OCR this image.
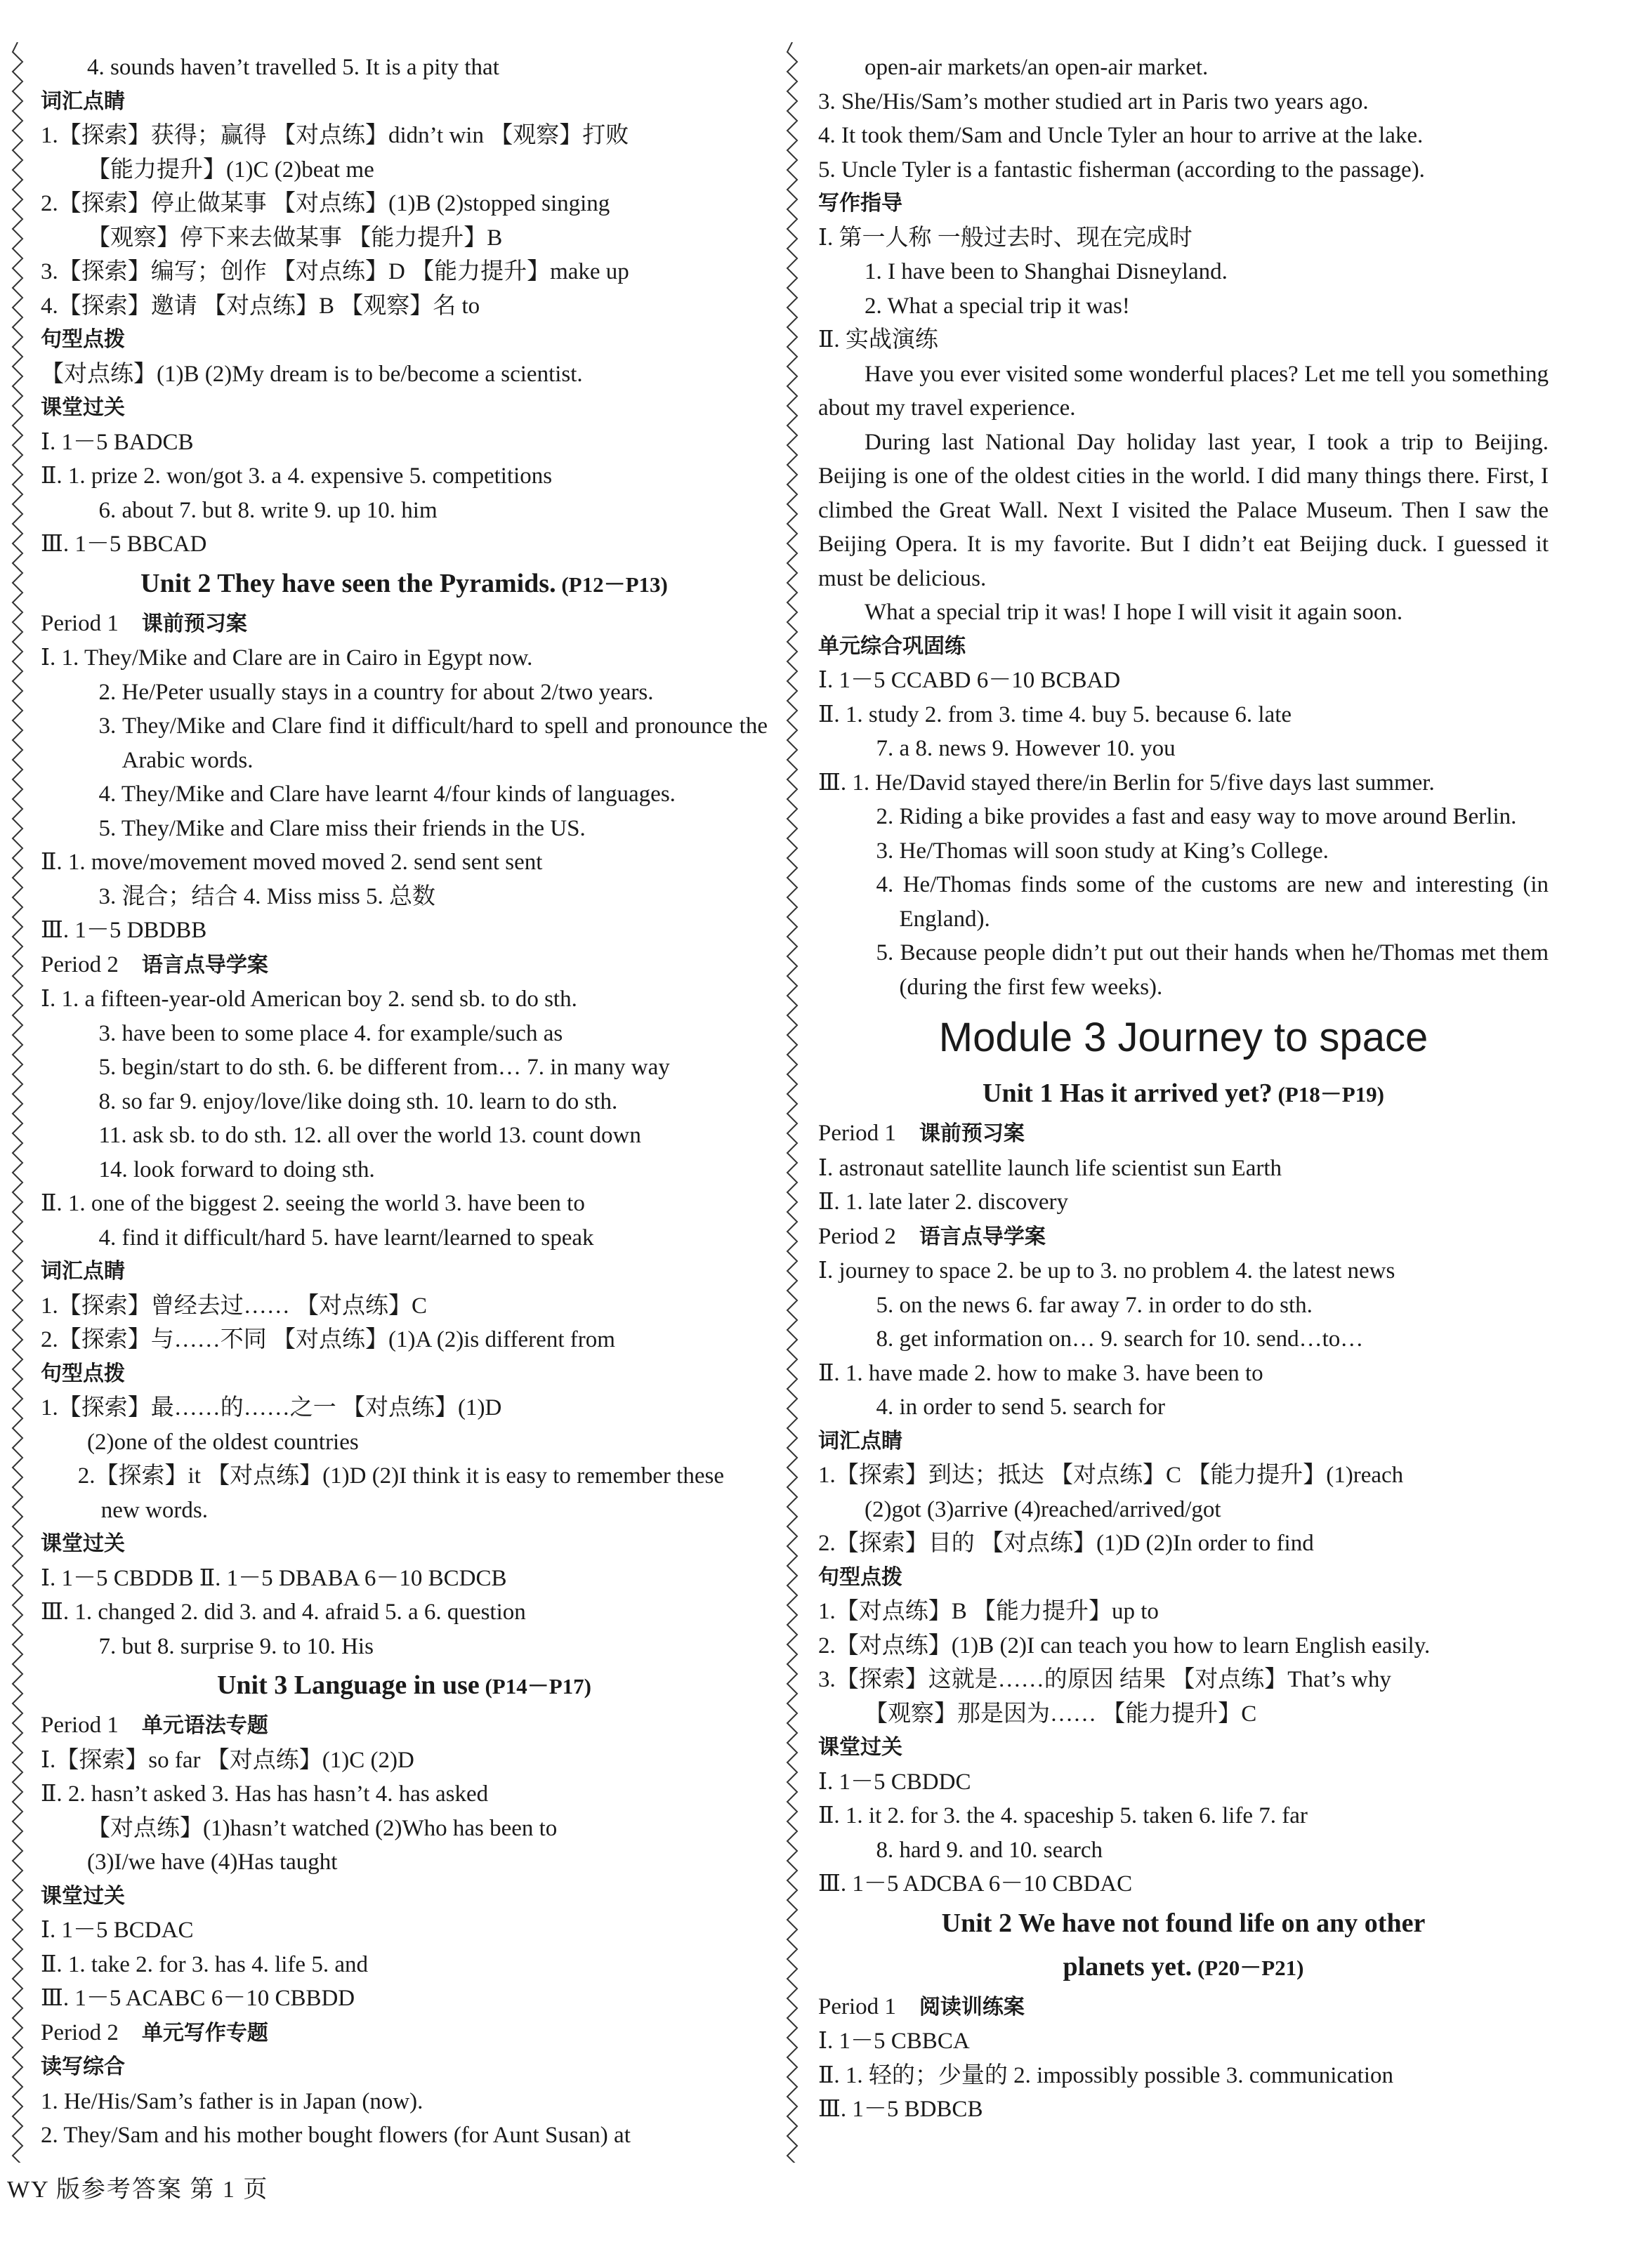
4. sounds haven’t travelled 5. It is a pity that
词汇点睛
1.【探索】获得；赢得 【对点练】didn’t win 【观察】打败
【能力提升】(1)C (2)beat me
2.【探索】停止做某事 【对点练】(1)B (2)stopped singing
【观察】停下来去做某事 【能力提升】B
3.【探索】编写；创作 【对点练】D 【能力提升】make up
4.【探索】邀请 【对点练】B 【观察】名 to
句型点拨
【对点练】(1)B (2)My dream is to be/become a scientist.
课堂过关
Ⅰ. 1－5 BADCB
Ⅱ. 1. prize 2. won/got 3. a 4. expensive 5. competitions
6. about 7. but 8. write 9. up 10. him
Ⅲ. 1－5 BBCAD
Unit 2 They have seen the Pyramids. (P12－P13)
Period 1  课前预习案
Ⅰ. 1. They/Mike and Clare are in Cairo in Egypt now.
2. He/Peter usually stays in a country for about 2/two years.
3. They/Mike and Clare find it difficult/hard to spell and pronounce the Arabic words.
4. They/Mike and Clare have learnt 4/four kinds of languages.
5. They/Mike and Clare miss their friends in the US.
Ⅱ. 1. move/movement moved moved 2. send sent sent
3. 混合；结合 4. Miss miss 5. 总数
Ⅲ. 1－5 DBDBB
Period 2  语言点导学案
Ⅰ. 1. a fifteen-year-old American boy 2. send sb. to do sth.
3. have been to some place 4. for example/such as
5. begin/start to do sth. 6. be different from… 7. in many way
8. so far 9. enjoy/love/like doing sth. 10. learn to do sth.
11. ask sb. to do sth. 12. all over the world 13. count down
14. look forward to doing sth.
Ⅱ. 1. one of the biggest 2. seeing the world 3. have been to
4. find it difficult/hard 5. have learnt/learned to speak
词汇点睛
1.【探索】曾经去过…… 【对点练】C
2.【探索】与……不同 【对点练】(1)A (2)is different from
句型点拨
1.【探索】最……的……之一 【对点练】(1)D
(2)one of the oldest countries
2.【探索】it 【对点练】(1)D (2)I think it is easy to remember these new words.
课堂过关
Ⅰ. 1－5 CBDDB Ⅱ. 1－5 DBABA 6－10 BCDCB
Ⅲ. 1. changed 2. did 3. and 4. afraid 5. a 6. question
7. but 8. surprise 9. to 10. His
Unit 3 Language in use (P14－P17)
Period 1  单元语法专题
Ⅰ.【探索】so far 【对点练】(1)C (2)D
Ⅱ. 2. hasn’t asked 3. Has has hasn’t 4. has asked
【对点练】(1)hasn’t watched (2)Who has been to
(3)I/we have (4)Has taught
课堂过关
Ⅰ. 1－5 BCDAC
Ⅱ. 1. take 2. for 3. has 4. life 5. and
Ⅲ. 1－5 ACABC 6－10 CBBDD
Period 2  单元写作专题
读写综合
1. He/His/Sam’s father is in Japan (now).
2. They/Sam and his mother bought flowers (for Aunt Susan) at
open-air markets/an open-air market.
3. She/His/Sam’s mother studied art in Paris two years ago.
4. It took them/Sam and Uncle Tyler an hour to arrive at the lake.
5. Uncle Tyler is a fantastic fisherman (according to the passage).
写作指导
Ⅰ. 第一人称 一般过去时、现在完成时
1. I have been to Shanghai Disneyland.
2. What a special trip it was!
Ⅱ. 实战演练
Have you ever visited some wonderful places? Let me tell you something about my travel experience.
During last National Day holiday last year, I took a trip to Beijing. Beijing is one of the oldest cities in the world. I did many things there. First, I climbed the Great Wall. Next I visited the Palace Museum. Then I saw the Beijing Opera. It is my favorite. But I didn’t eat Beijing duck. I guessed it must be delicious.
What a special trip it was! I hope I will visit it again soon.
单元综合巩固练
Ⅰ. 1－5 CCABD 6－10 BCBAD
Ⅱ. 1. study 2. from 3. time 4. buy 5. because 6. late
7. a 8. news 9. However 10. you
Ⅲ. 1. He/David stayed there/in Berlin for 5/five days last summer.
2. Riding a bike provides a fast and easy way to move around Berlin.
3. He/Thomas will soon study at King’s College.
4. He/Thomas finds some of the customs are new and interesting (in England).
5. Because people didn’t put out their hands when he/Thomas met them (during the first few weeks).
Module 3 Journey to space
Unit 1 Has it arrived yet? (P18－P19)
Period 1  课前预习案
Ⅰ. astronaut satellite launch life scientist sun Earth
Ⅱ. 1. late later 2. discovery
Period 2  语言点导学案
Ⅰ. journey to space 2. be up to 3. no problem 4. the latest news
5. on the news 6. far away 7. in order to do sth.
8. get information on… 9. search for 10. send…to…
Ⅱ. 1. have made 2. how to make 3. have been to
4. in order to send 5. search for
词汇点睛
1.【探索】到达；抵达 【对点练】C 【能力提升】(1)reach
(2)got (3)arrive (4)reached/arrived/got
2.【探索】目的 【对点练】(1)D (2)In order to find
句型点拨
1.【对点练】B 【能力提升】up to
2.【对点练】(1)B (2)I can teach you how to learn English easily.
3.【探索】这就是……的原因 结果 【对点练】That’s why
【观察】那是因为…… 【能力提升】C
课堂过关
Ⅰ. 1－5 CBDDC
Ⅱ. 1. it 2. for 3. the 4. spaceship 5. taken 6. life 7. far
8. hard 9. and 10. search
Ⅲ. 1－5 ADCBA 6－10 CBDAC
Unit 2 We have not found life on any other
planets yet. (P20－P21)
Period 1  阅读训练案
Ⅰ. 1－5 CBBCA
Ⅱ. 1. 轻的；少量的 2. impossibly possible 3. communication
Ⅲ. 1－5 BDBCB
WY 版参考答案 第 1 页
